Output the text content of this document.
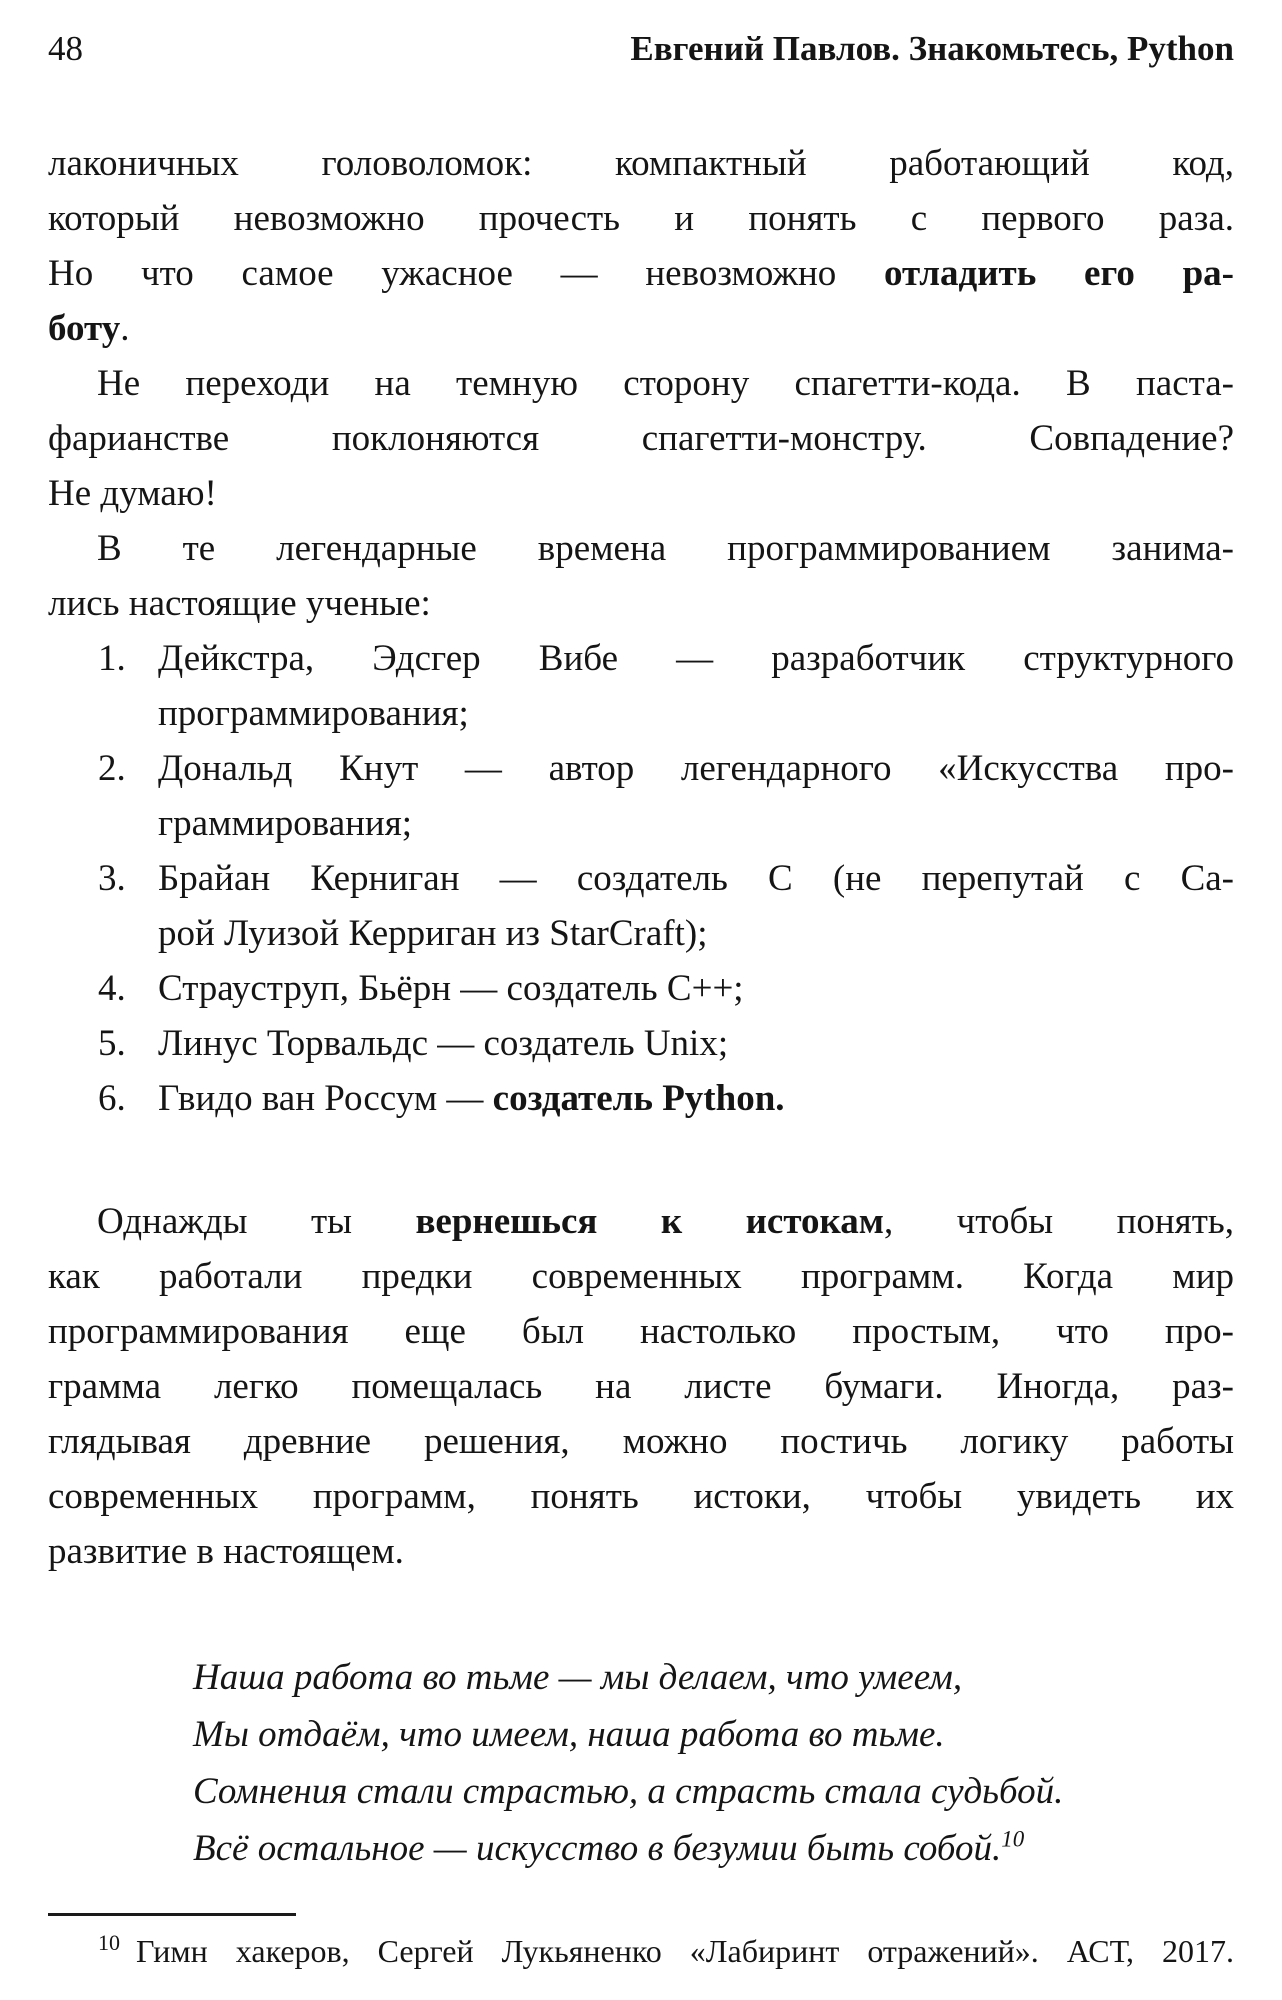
48	Евгений Павлов. Знакомьтесь, Python
лаконичных головоломок: компактный работающий код,
который невозможно прочесть и понять с первого раза.
Но что самое ужасное — невозможно отладить его ра-
боту.
Не переходи на темную сторону спагетти-кода. В паста-
фарианстве поклоняются спагетти-монстру. Совпадение?
Не думаю!
В те легендарные времена программированием занима-
лись настоящие ученые:
1. Дейкстра, Эдсгер Вибе — разработчик структурного
программирования;
2. Дональд Кнут — автор легендарного «Искусства про-
граммирования;
3. Брайан Керниган — создатель C (не перепутай с Са-
рой Луизой Керриган из StarCraft);
4. Страуструп, Бьёрн — создатель C++;
5. Линус Торвальдс — создатель Unix;
6. Гвидо ван Россум — создатель Python.
Однажды ты вернешься к истокам, чтобы понять,
как работали предки современных программ. Когда мир
программирования еще был настолько простым, что про-
грамма легко помещалась на листе бумаги. Иногда, раз-
глядывая древние решения, можно постичь логику работы
современных программ, понять истоки, чтобы увидеть их
развитие в настоящем.
Наша работа во тьме — мы делаем, что умеем,
Мы отдаём, что имеем, наша работа во тьме.
Сомнения стали страстью, а страсть стала судьбой.
Всё остальное — искусство в безумии быть собой.$^{10}$
$^{10}$ Гимн хакеров, Сергей Лукьяненко «Лабиринт отражений». АСТ, 2017.
